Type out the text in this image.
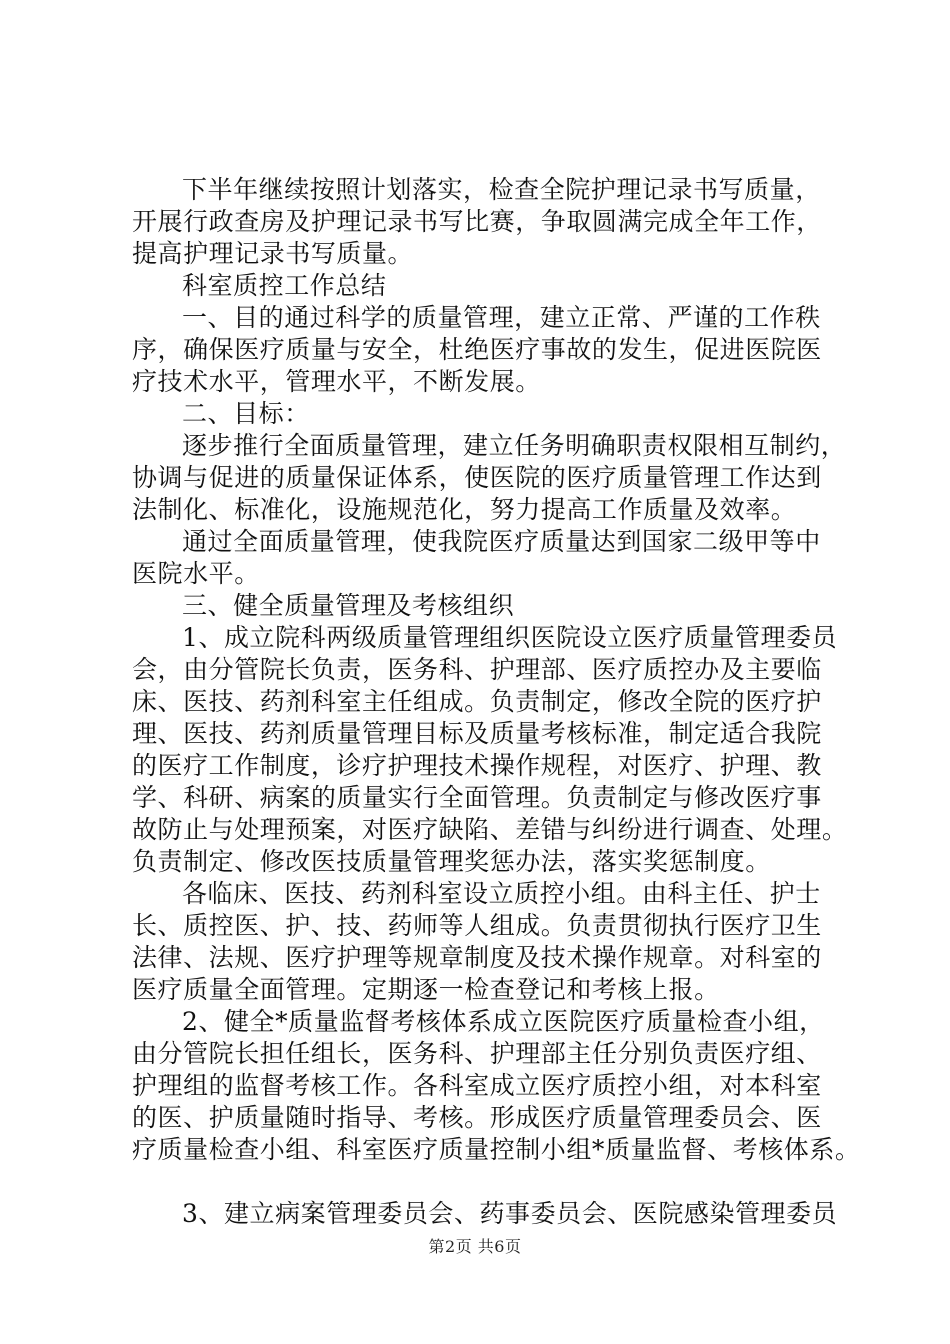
下半年继续按照计划落实，检查全院护理记录书写质量，
开展行政查房及护理记录书写比赛，争取圆满完成全年工作，
提高护理记录书写质量。
科室质控工作总结
一、目的通过科学的质量管理，建立正常、严谨的工作秩
序，确保医疗质量与安全，杜绝医疗事故的发生，促进医院医
疗技术水平，管理水平，不断发展。
二、目标：
逐步推行全面质量管理，建立任务明确职责权限相互制约，
协调与促进的质量保证体系，使医院的医疗质量管理工作达到
法制化、标准化，设施规范化，努力提高工作质量及效率。
通过全面质量管理，使我院医疗质量达到国家二级甲等中
医院水平。
三、健全质量管理及考核组织
1、成立院科两级质量管理组织医院设立医疗质量管理委员
会，由分管院长负责，医务科、护理部、医疗质控办及主要临
床、医技、药剂科室主任组成。负责制定，修改全院的医疗护
理、医技、药剂质量管理目标及质量考核标准，制定适合我院
的医疗工作制度，诊疗护理技术操作规程，对医疗、护理、教
学、科研、病案的质量实行全面管理。负责制定与修改医疗事
故防止与处理预案，对医疗缺陷、差错与纠纷进行调查、处理。
负责制定、修改医技质量管理奖惩办法，落实奖惩制度。
各临床、医技、药剂科室设立质控小组。由科主任、护士
长、质控医、护、技、药师等人组成。负责贯彻执行医疗卫生
法律、法规、医疗护理等规章制度及技术操作规章。对科室的
医疗质量全面管理。定期逐一检查登记和考核上报。
2、健全*质量监督考核体系成立医院医疗质量检查小组，
由分管院长担任组长，医务科、护理部主任分别负责医疗组、
护理组的监督考核工作。各科室成立医疗质控小组，对本科室
的医、护质量随时指导、考核。形成医疗质量管理委员会、医
疗质量检查小组、科室医疗质量控制小组*质量监督、考核体系。
3、建立病案管理委员会、药事委员会、医院感染管理委员
第2页 共6页
